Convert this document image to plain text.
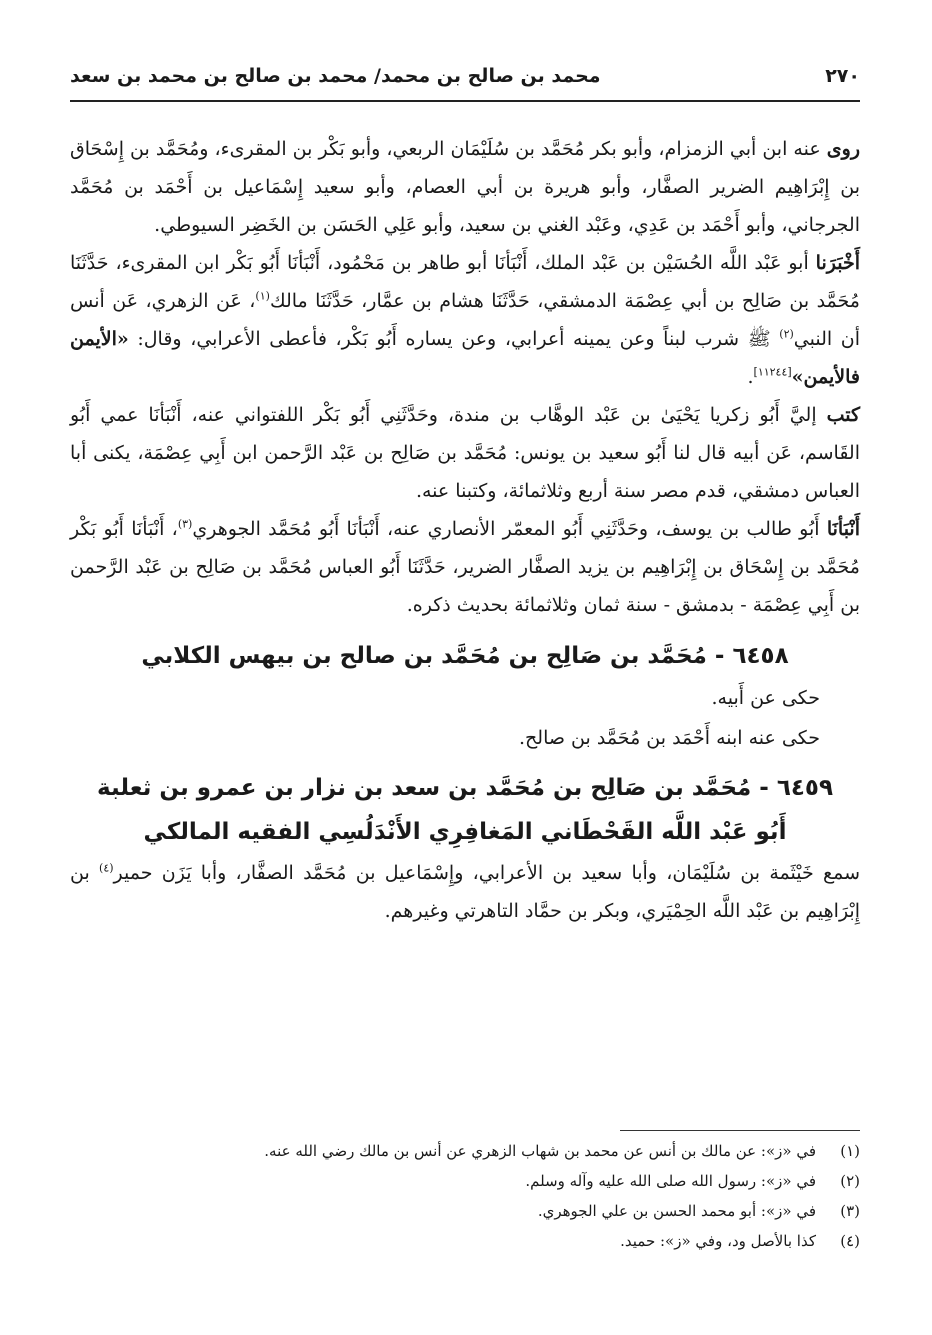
٢٧٠
محمد بن صالح بن محمد/ محمد بن صالح بن محمد بن سعد

روى عنه ابن أبي الزمزام، وأبو بكر مُحَمَّد بن سُلَيْمَان الربعي، وأبو بَكْر بن المقرىء، ومُحَمَّد بن إِسْحَاق بن إِبْرَاهِيم الضرير الصفَّار، وأبو هريرة بن أبي العصام، وأبو سعيد إِسْمَاعيل بن أَحْمَد بن مُحَمَّد الجرجاني، وأبو أَحْمَد بن عَدِي، وعَبْد الغني بن سعيد، وأبو عَلِي الحَسَن بن الخَضِر السيوطي.

أَخْبَرَنا أبو عَبْد اللَّه الحُسَيْن بن عَبْد الملك، أَنْبَأنَا أبو طاهر بن مَحْمُود، أَنْبَأنَا أَبُو بَكْر ابن المقرىء، حَدَّثَنَا مُحَمَّد بن صَالِح بن أبي عِصْمَة الدمشقي، حَدَّثَنَا هشام بن عمَّار، حَدَّثَنَا مالك$^{(١)}$، عَن الزهري، عَن أنس أن النبي$^{(٢)}$ ﷺ شرب لبناً وعن يمينه أعرابي، وعن يساره أَبُو بَكْر، فأعطى الأعرابي، وقال: «الأيمن فالأيمن»[١١٢٤٤].

كتب إليَّ أَبُو زكريا يَحْيَىٰ بن عَبْد الوهَّاب بن مندة، وحَدَّثَنِي أَبُو بَكْر اللفتواني عنه، أَنْبَأنَا عمي أَبُو القَاسم، عَن أبيه قال لنا أَبُو سعيد بن يونس: مُحَمَّد بن صَالِح بن عَبْد الرَّحمن ابن أَبِي عِصْمَة، يكنى أبا العباس دمشقي، قدم مصر سنة أربع وثلاثمائة، وكتبنا عنه.

أَنْبَأنَا أَبُو طالب بن يوسف، وحَدَّثَنِي أَبُو المعمّر الأنصاري عنه، أَنْبَأنَا أَبُو مُحَمَّد الجوهري$^{(٣)}$، أَنْبَأنَا أَبُو بَكْر مُحَمَّد بن إِسْحَاق بن إِبْرَاهِيم بن يزيد الصفَّار الضرير، حَدَّثَنَا أَبُو العباس مُحَمَّد بن صَالِح بن عَبْد الرَّحمن بن أَبِي عِصْمَة - بدمشق - سنة ثمان وثلاثمائة بحديث ذكره.

٦٤٥٨ - مُحَمَّد بن صَالِح بن مُحَمَّد بن صالح بن بيهس الكلابي

حكى عن أَبيه.

حكى عنه ابنه أَحْمَد بن مُحَمَّد بن صالح.

٦٤٥٩ - مُحَمَّد بن صَالِح بن مُحَمَّد بن سعد بن نزار بن عمرو بن ثعلبة

أَبُو عَبْد اللَّه القَحْطَاني المَغافِرِي الأَنْدَلُسِي الفقيه المالكي

سمع خَيْثَمة بن سُلَيْمَان، وأبا سعيد بن الأعرابي، وإِسْمَاعيل بن مُحَمَّد الصفَّار، وأبا يَزَن حمير$^{(٤)}$ بن إِبْرَاهِيم بن عَبْد اللَّه الحِمْيَري، وبكر بن حمَّاد التاهرتي وغيرهم.

(١)
في «ز»: عن مالك بن أنس عن محمد بن شهاب الزهري عن أنس بن مالك رضي الله عنه.

(٢)
في «ز»: رسول الله صلى الله عليه وآله وسلم.

(٣)
في «ز»: أبو محمد الحسن بن علي الجوهري.

(٤)
كذا بالأصل ود، وفي «ز»: حميد.
